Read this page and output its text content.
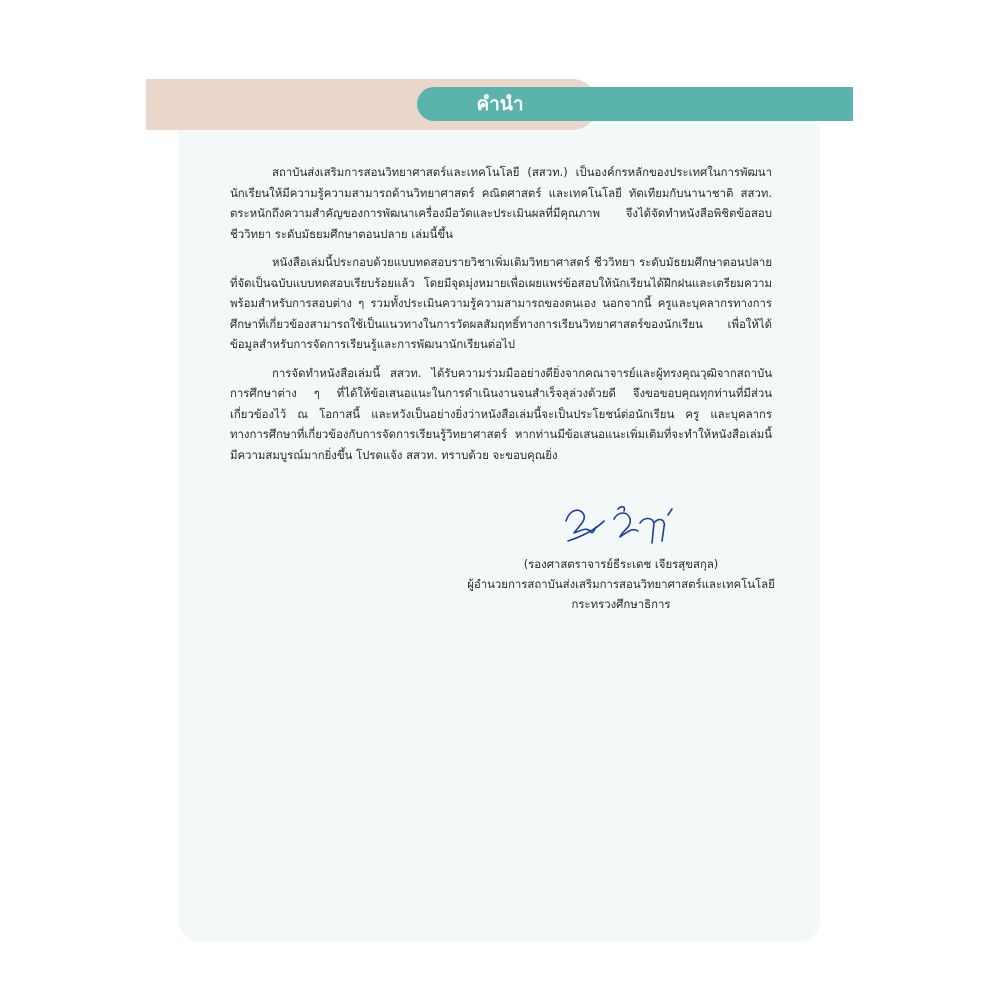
คำนำ

สถาบันส่งเสริมการสอนวิทยาศาสตร์และเทคโนโลยี (สสวท.) เป็นองค์กรหลักของประเทศในการพัฒนานักเรียนให้มีความรู้ความสามารถด้านวิทยาศาสตร์ คณิตศาสตร์ และเทคโนโลยี ทัดเทียมกับนานาชาติ สสวท. ตระหนักถึงความสำคัญของการพัฒนาเครื่องมือวัดและประเมินผลที่มีคุณภาพ จึงได้จัดทำหนังสือพิชิตข้อสอบชีววิทยา ระดับมัธยมศึกษาตอนปลาย เล่มนี้ขึ้น

หนังสือเล่มนี้ประกอบด้วยแบบทดสอบรายวิชาเพิ่มเติมวิทยาศาสตร์ ชีววิทยา ระดับมัธยมศึกษาตอนปลายที่จัดเป็นฉบับแบบทดสอบเรียบร้อยแล้ว โดยมีจุดมุ่งหมายเพื่อเผยแพร่ข้อสอบให้นักเรียนได้ฝึกฝนและเตรียมความพร้อมสำหรับการสอบต่าง ๆ รวมทั้งประเมินความรู้ความสามารถของตนเอง นอกจากนี้ ครูและบุคลากรทางการศึกษาที่เกี่ยวข้องสามารถใช้เป็นแนวทางในการวัดผลสัมฤทธิ์ทางการเรียนวิทยาศาสตร์ของนักเรียน เพื่อให้ได้ข้อมูลสำหรับการจัดการเรียนรู้และการพัฒนานักเรียนต่อไป

การจัดทำหนังสือเล่มนี้ สสวท. ได้รับความร่วมมืออย่างดียิ่งจากคณาจารย์และผู้ทรงคุณวุฒิจากสถาบันการศึกษาต่าง ๆ ที่ได้ให้ข้อเสนอแนะในการดำเนินงานจนสำเร็จลุล่วงด้วยดี จึงขอขอบคุณทุกท่านที่มีส่วนเกี่ยวข้องไว้ ณ โอกาสนี้ และหวังเป็นอย่างยิ่งว่าหนังสือเล่มนี้จะเป็นประโยชน์ต่อนักเรียน ครู และบุคลากรทางการศึกษาที่เกี่ยวข้องกับการจัดการเรียนรู้วิทยาศาสตร์ หากท่านมีข้อเสนอแนะเพิ่มเติมที่จะทำให้หนังสือเล่มนี้มีความสมบูรณ์มากยิ่งขึ้น โปรดแจ้ง สสวท. ทราบด้วย จะขอบคุณยิ่ง

(รองศาสตราจารย์ธีระเดช เจียรสุขสกุล)
ผู้อำนวยการสถาบันส่งเสริมการสอนวิทยาศาสตร์และเทคโนโลยี
กระทรวงศึกษาธิการ
